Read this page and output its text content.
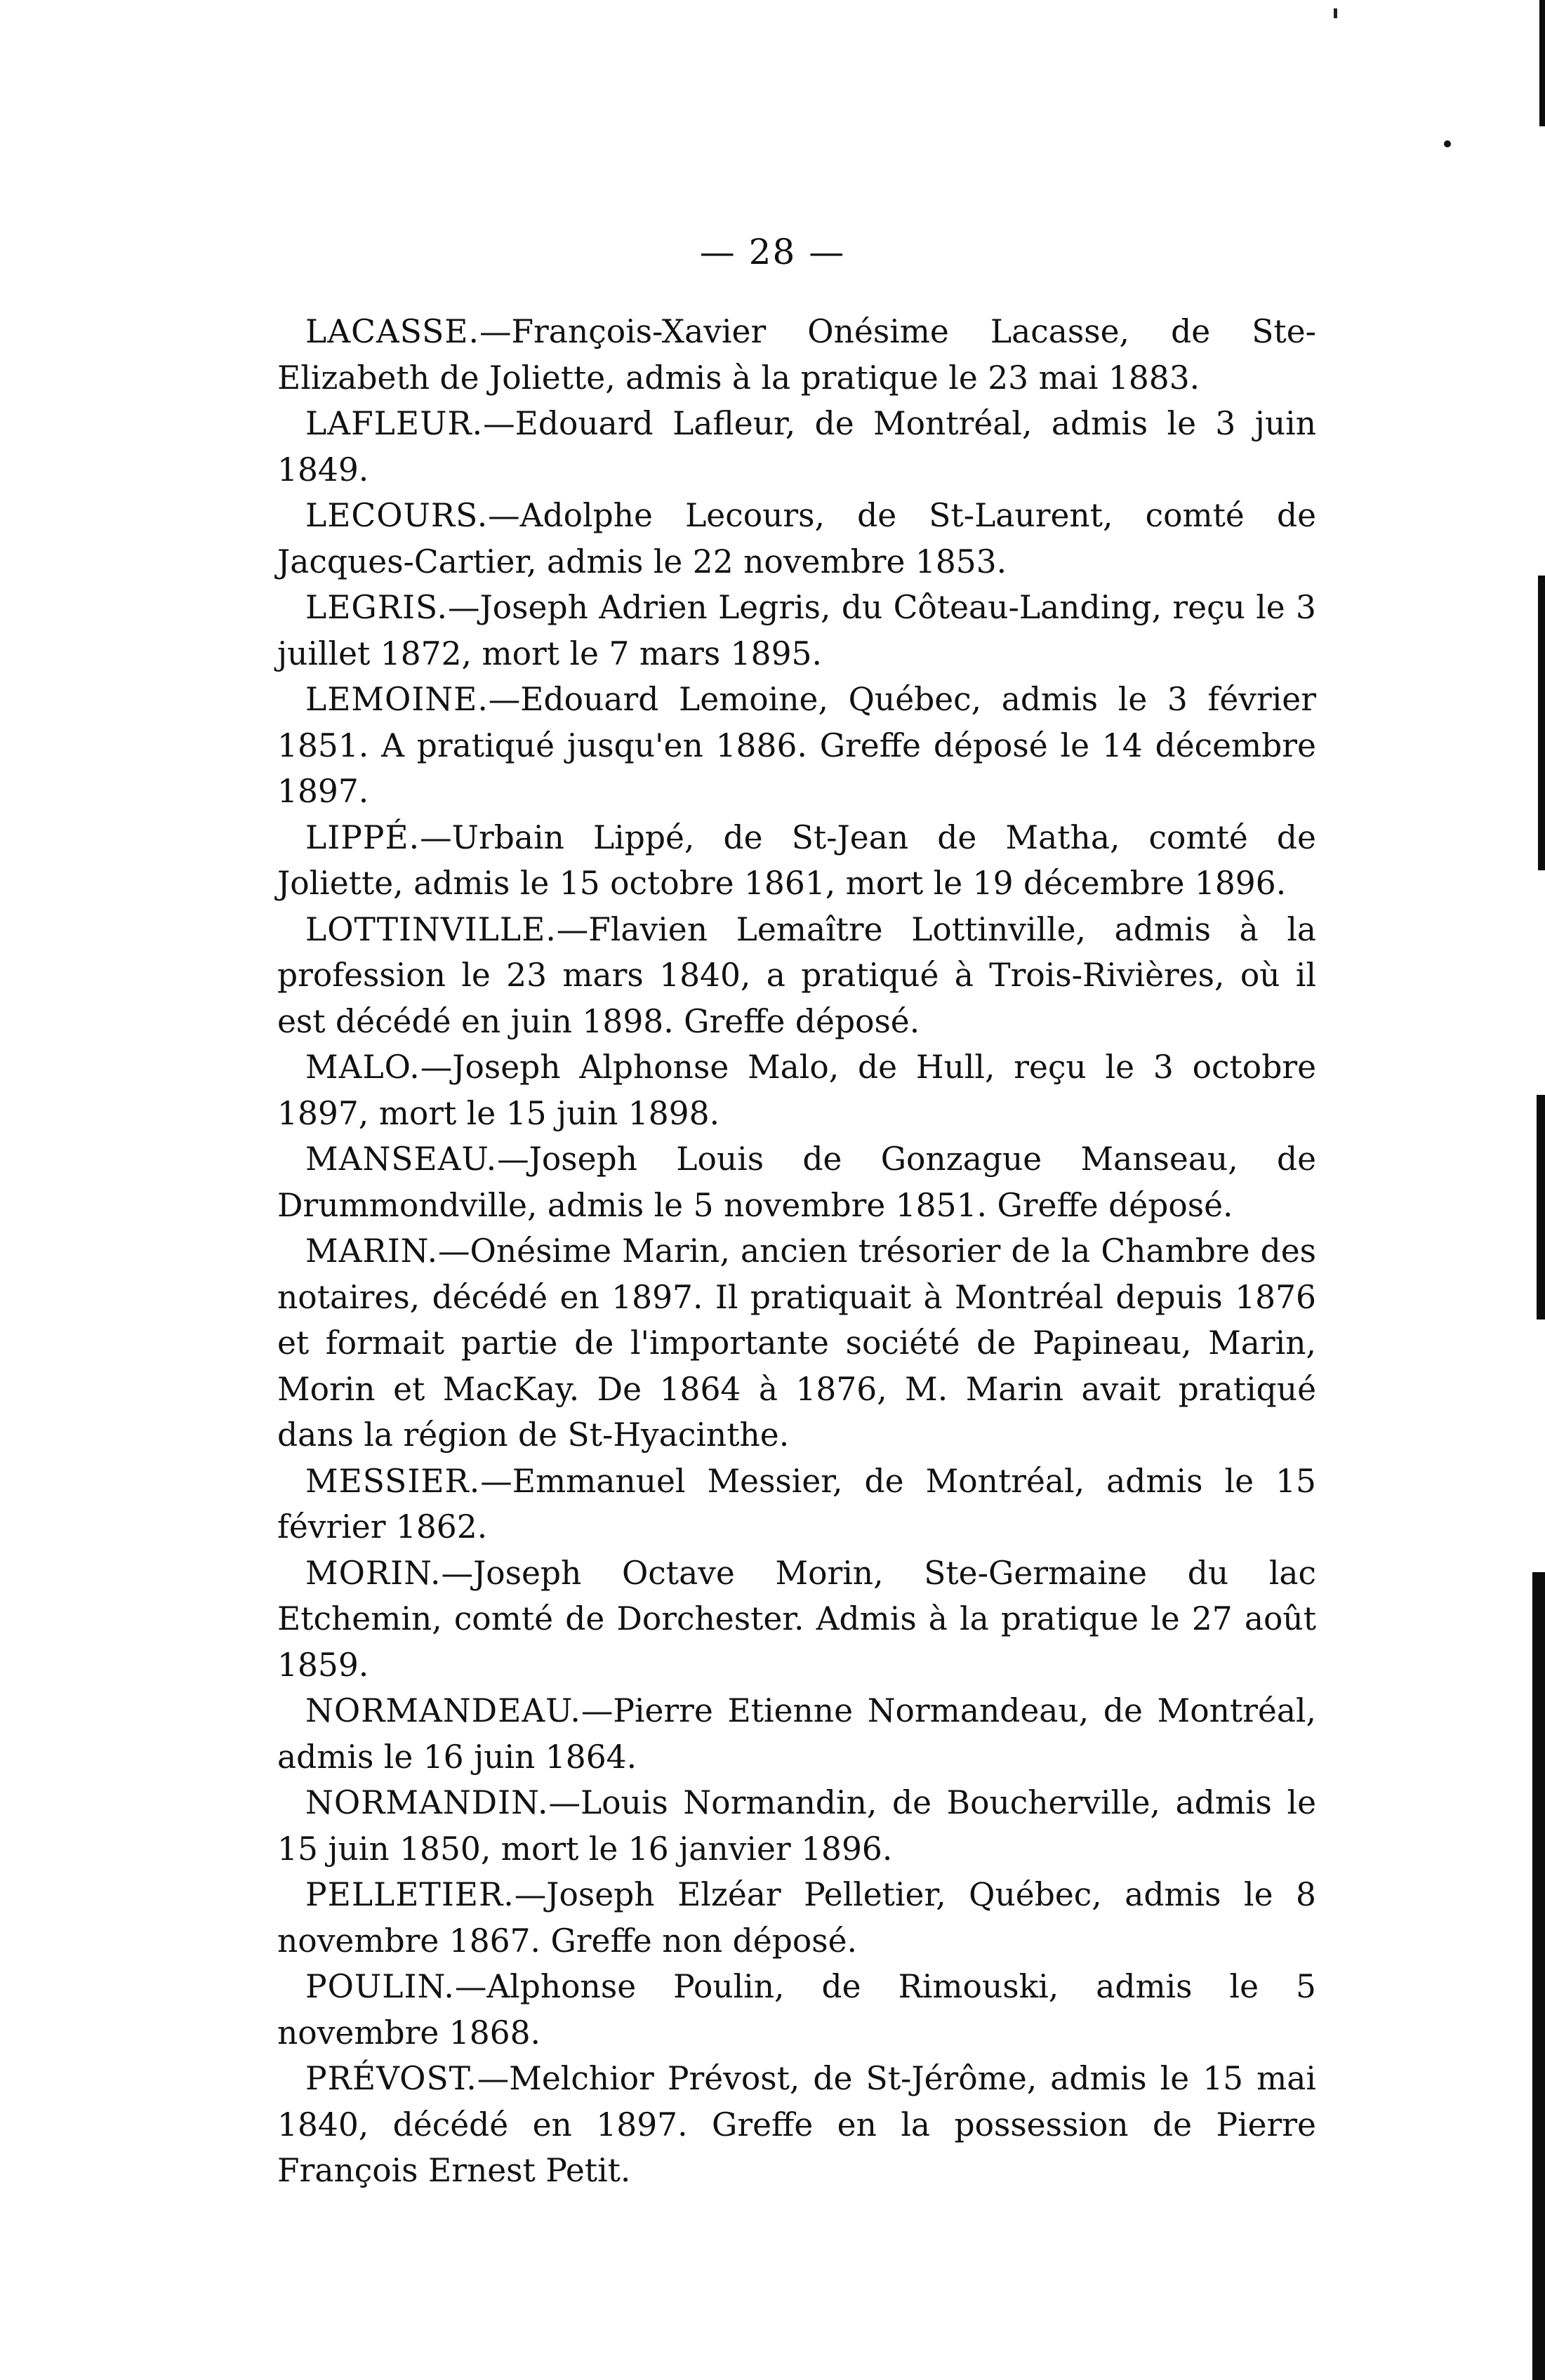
— 28 —

LACASSE.—François-Xavier Onésime Lacasse, de Ste-Elizabeth de Joliette, admis à la pratique le 23 mai 1883.

LAFLEUR.—Edouard Lafleur, de Montréal, admis le 3 juin 1849.

LECOURS.—Adolphe Lecours, de St-Laurent, comté de Jacques-Cartier, admis le 22 novembre 1853.

LEGRIS.—Joseph Adrien Legris, du Côteau-Landing, reçu le 3 juillet 1872, mort le 7 mars 1895.

LEMOINE.—Edouard Lemoine, Québec, admis le 3 février 1851. A pratiqué jusqu'en 1886. Greffe déposé le 14 décembre 1897.

LIPPÉ.—Urbain Lippé, de St-Jean de Matha, comté de Joliette, admis le 15 octobre 1861, mort le 19 décembre 1896.

LOTTINVILLE.—Flavien Lemaître Lottinville, admis à la profession le 23 mars 1840, a pratiqué à Trois-Rivières, où il est décédé en juin 1898. Greffe déposé.

MALO.—Joseph Alphonse Malo, de Hull, reçu le 3 octobre 1897, mort le 15 juin 1898.

MANSEAU.—Joseph Louis de Gonzague Manseau, de Drummondville, admis le 5 novembre 1851. Greffe déposé.

MARIN.—Onésime Marin, ancien trésorier de la Chambre des notaires, décédé en 1897. Il pratiquait à Montréal depuis 1876 et formait partie de l'importante société de Papineau, Marin, Morin et MacKay. De 1864 à 1876, M. Marin avait pratiqué dans la région de St-Hyacinthe.

MESSIER.—Emmanuel Messier, de Montréal, admis le 15 février 1862.

MORIN.—Joseph Octave Morin, Ste-Germaine du lac Etchemin, comté de Dorchester. Admis à la pratique le 27 août 1859.

NORMANDEAU.—Pierre Etienne Normandeau, de Montréal, admis le 16 juin 1864.

NORMANDIN.—Louis Normandin, de Boucherville, admis le 15 juin 1850, mort le 16 janvier 1896.

PELLETIER.—Joseph Elzéar Pelletier, Québec, admis le 8 novembre 1867. Greffe non déposé.

POULIN.—Alphonse Poulin, de Rimouski, admis le 5 novembre 1868.

PRÉVOST.—Melchior Prévost, de St-Jérôme, admis le 15 mai 1840, décédé en 1897. Greffe en la possession de Pierre François Ernest Petit.
